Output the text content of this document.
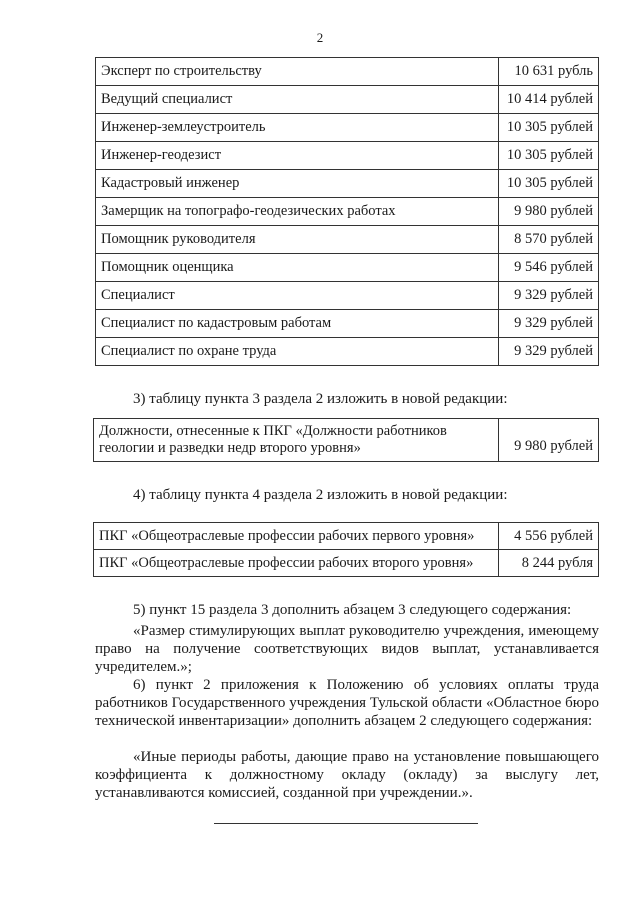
2
Эксперт по строительству	10 631 рубль
Ведущий специалист	10 414 рублей
Инженер-землеустроитель	10 305 рублей
Инженер-геодезист	10 305 рублей
Кадастровый инженер	10 305 рублей
Замерщик на топографо-геодезических работах	9 980 рублей
Помощник руководителя	8 570 рублей
Помощник оценщика	9 546 рублей
Специалист	9 329 рублей
Специалист по кадастровым работам	9 329 рублей
Специалист по охране труда	9 329 рублей

3) таблицу пункта 3 раздела 2 изложить в новой редакции:

Должности, отнесенные к ПКГ «Должности работников геологии и разведки недр второго уровня»	9 980 рублей

4) таблицу пункта 4 раздела 2 изложить в новой редакции:

ПКГ «Общеотраслевые профессии рабочих первого уровня»	4 556 рублей
ПКГ «Общеотраслевые профессии рабочих второго уровня»	8 244 рубля

5) пункт 15 раздела 3 дополнить абзацем 3 следующего содержания:

«Размер стимулирующих выплат руководителю учреждения, имеющему право на получение соответствующих видов выплат, устанавливается учредителем.»;

6) пункт 2 приложения к Положению об условиях оплаты труда работников Государственного учреждения Тульской области «Областное бюро технической инвентаризации» дополнить абзацем 2 следующего содержания:

«Иные периоды работы, дающие право на установление повышающего коэффициента к должностному окладу (окладу) за выслугу лет, устанавливаются комиссией, созданной при учреждении.».
